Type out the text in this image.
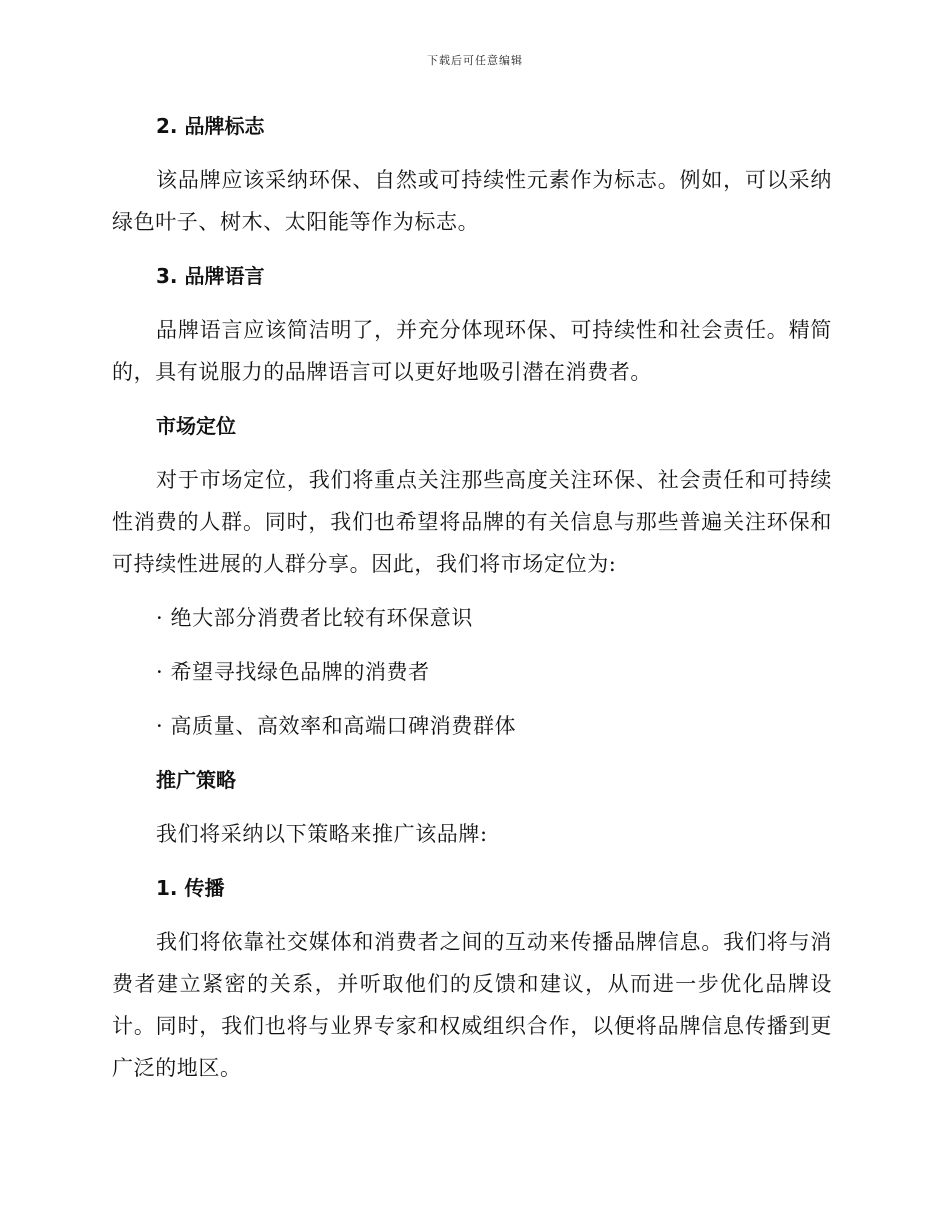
下载后可任意编辑
2. 品牌标志
该品牌应该采纳环保、自然或可持续性元素作为标志。例如，可以采纳绿色叶子、树木、太阳能等作为标志。
3. 品牌语言
品牌语言应该简洁明了，并充分体现环保、可持续性和社会责任。精简的，具有说服力的品牌语言可以更好地吸引潜在消费者。
市场定位
对于市场定位，我们将重点关注那些高度关注环保、社会责任和可持续性消费的人群。同时，我们也希望将品牌的有关信息与那些普遍关注环保和可持续性进展的人群分享。因此，我们将市场定位为:
· 绝大部分消费者比较有环保意识
· 希望寻找绿色品牌的消费者
· 高质量、高效率和高端口碑消费群体
推广策略
我们将采纳以下策略来推广该品牌:
1. 传播
我们将依靠社交媒体和消费者之间的互动来传播品牌信息。我们将与消费者建立紧密的关系，并听取他们的反馈和建议，从而进一步优化品牌设计。同时，我们也将与业界专家和权威组织合作，以便将品牌信息传播到更广泛的地区。
